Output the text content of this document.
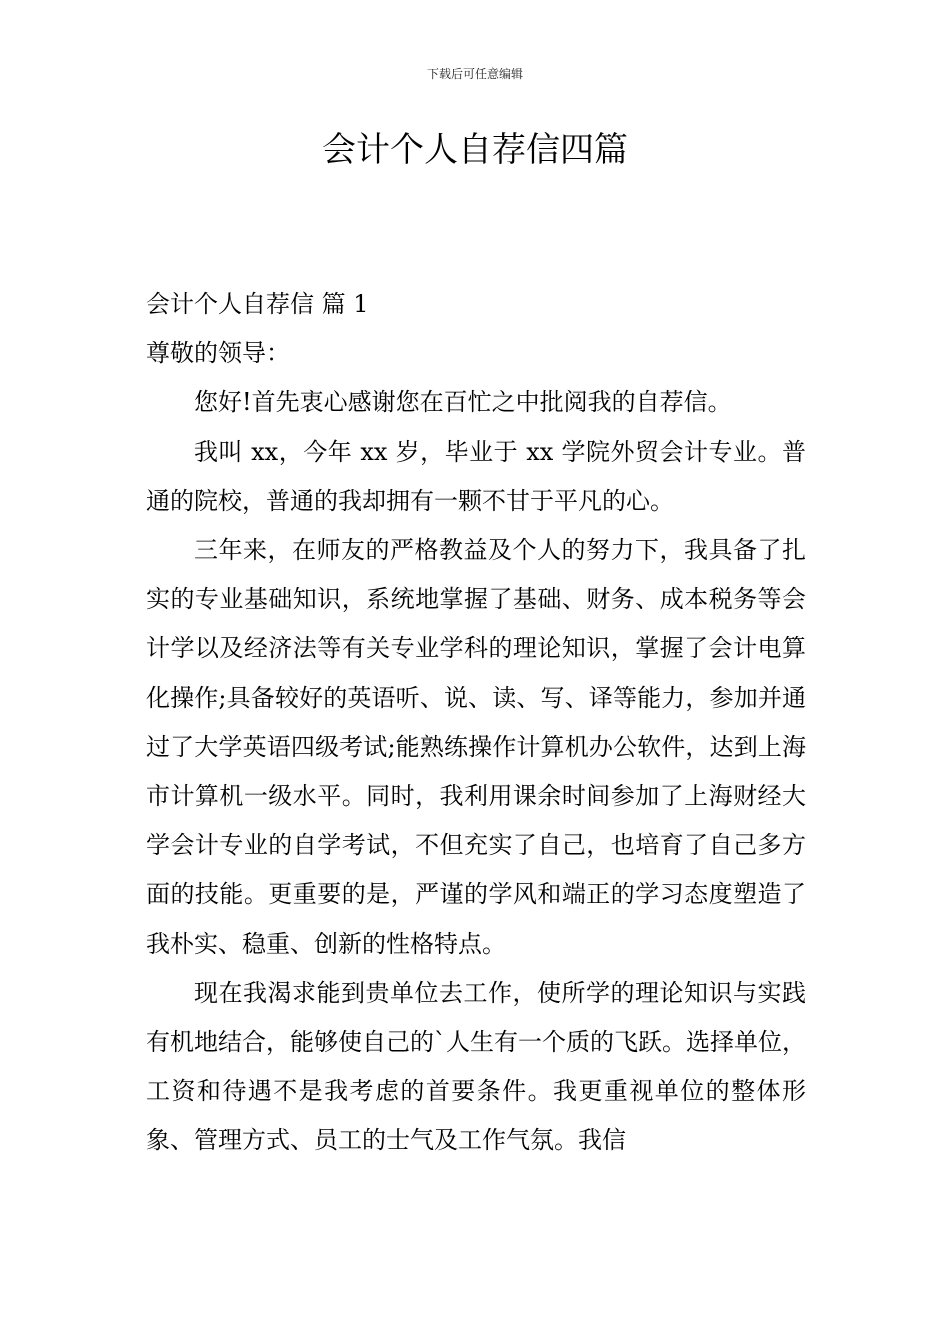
下载后可任意编辑
会计个人自荐信四篇

会计个人自荐信 篇 1

尊敬的领导：

您好!首先衷心感谢您在百忙之中批阅我的自荐信。

我叫 xx，今年 xx 岁，毕业于 xx 学院外贸会计专业。普通的院校，普通的我却拥有一颗不甘于平凡的心。

三年来，在师友的严格教益及个人的努力下，我具备了扎实的专业基础知识，系统地掌握了基础、财务、成本税务等会计学以及经济法等有关专业学科的理论知识，掌握了会计电算化操作;具备较好的英语听、说、读、写、译等能力，参加并通过了大学英语四级考试;能熟练操作计算机办公软件，达到上海市计算机一级水平。同时，我利用课余时间参加了上海财经大学会计专业的自学考试，不但充实了自己，也培育了自己多方面的技能。更重要的是，严谨的学风和端正的学习态度塑造了我朴实、稳重、创新的性格特点。

现在我渴求能到贵单位去工作，使所学的理论知识与实践有机地结合，能够使自己的`人生有一个质的飞跃。选择单位，工资和待遇不是我考虑的首要条件。我更重视单位的整体形象、管理方式、员工的士气及工作气氛。我信
